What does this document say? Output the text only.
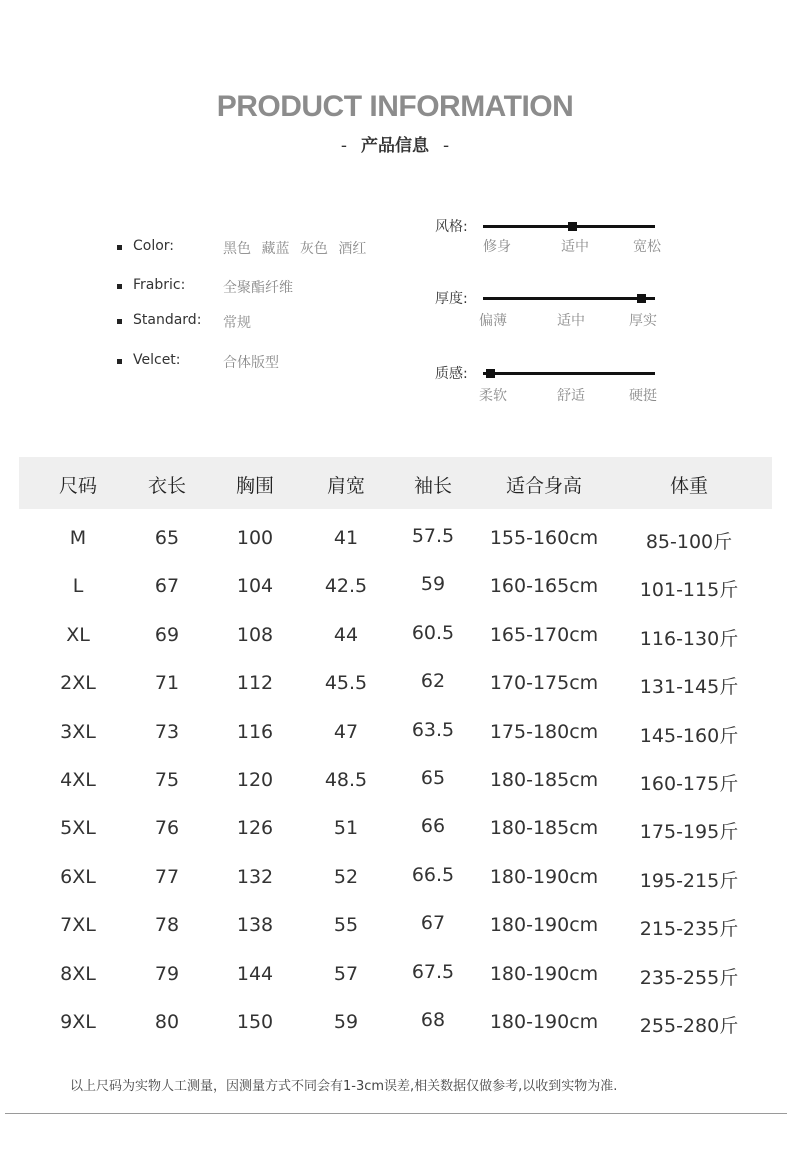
PRODUCT INFORMATION
- 产品信息 -
Color:	黑色 藏蓝 灰色 酒红
Frabric:	全聚酯纤维
Standard: 常规
Velcet:	合体版型
风格:
修身	适中	宽松
厚度:
偏薄	适中	厚实
质感:
柔软	舒适	硬挺
尺码	衣长	胸围	肩宽	袖长	适合身高	体重
M	65	100	41	57.5 155-160cm	85-100斤
L	67	104	42.5	59 160-165cm 101-115斤
XL	69	108	44	60.5 165-170cm 116-130斤
2XL	71	112	45.5	62 170-175cm 131-145斤
3XL	73	116	47	63.5 175-180cm 145-160斤
4XL	75	120	48.5	65 180-185cm 160-175斤
5XL	76	126	51	66 180-185cm 175-195斤
6XL	77	132	52	66.5 180-190cm 195-215斤
7XL	78	138	55	67 180-190cm 215-235斤
8XL	79	144	57	67.5 180-190cm 235-255斤
9XL	80	150	59	68 180-190cm 255-280斤
以上尺码为实物人工测量，因测量方式不同会有1-3cm误差,相关数据仅做参考,以收到实物为准.
